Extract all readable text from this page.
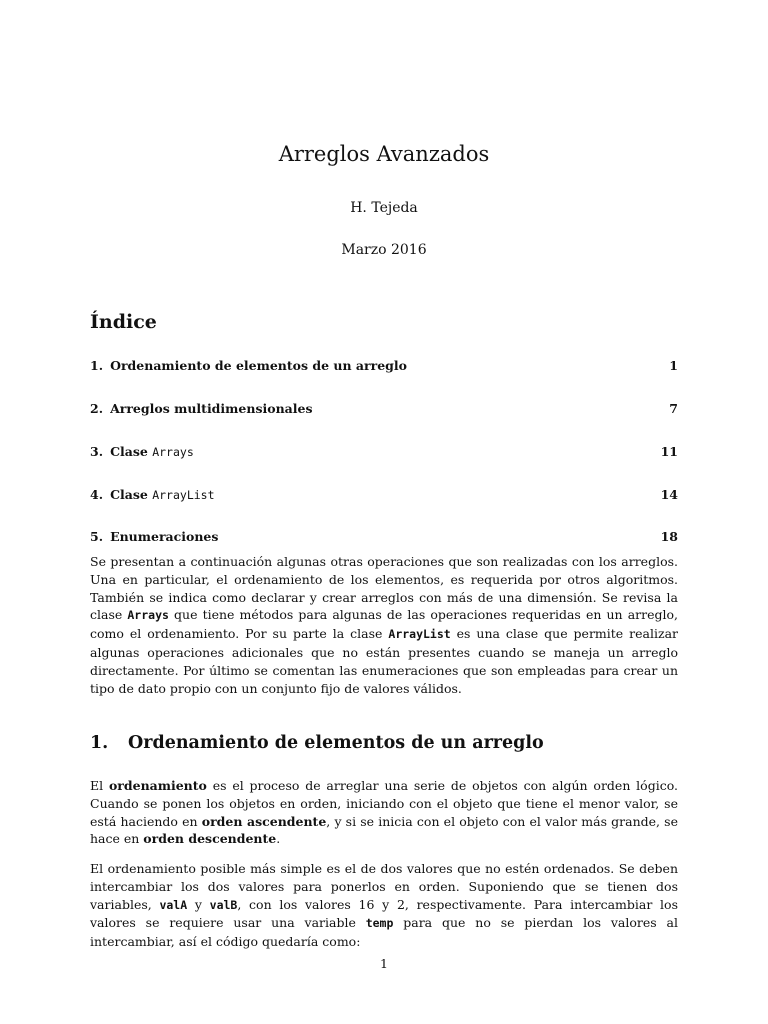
Arreglos Avanzados
H. Tejeda
Marzo 2016
Índice
1. Ordenamiento de elementos de un arreglo	1
2. Arreglos multidimensionales	7
3. Clase Arrays	11
4. Clase ArrayList	14
5. Enumeraciones	18
Se presentan a continuación algunas otras operaciones que son realizadas con los arreglos. Una en particular, el ordenamiento de los elementos, es requerida por otros algoritmos. También se indica como declarar y crear arreglos con más de una dimensión. Se revisa la clase Arrays que tiene métodos para algunas de las operaciones requeridas en un arreglo, como el ordenamiento. Por su parte la clase ArrayList es una clase que permite realizar algunas operaciones adicionales que no están presentes cuando se maneja un arreglo directamente. Por último se comentan las enumeraciones que son empleadas para crear un tipo de dato propio con un conjunto fijo de valores válidos.
1. Ordenamiento de elementos de un arreglo
El ordenamiento es el proceso de arreglar una serie de objetos con algún orden lógico. Cuando se ponen los objetos en orden, iniciando con el objeto que tiene el menor valor, se está haciendo en orden ascendente, y si se inicia con el objeto con el valor más grande, se hace en orden descendente.
El ordenamiento posible más simple es el de dos valores que no estén ordenados. Se deben intercambiar los dos valores para ponerlos en orden. Suponiendo que se tienen dos variables, valA y valB, con los valores 16 y 2, respectivamente. Para intercambiar los valores se requiere usar una variable temp para que no se pierdan los valores al intercambiar, así el código quedaría como:
1
